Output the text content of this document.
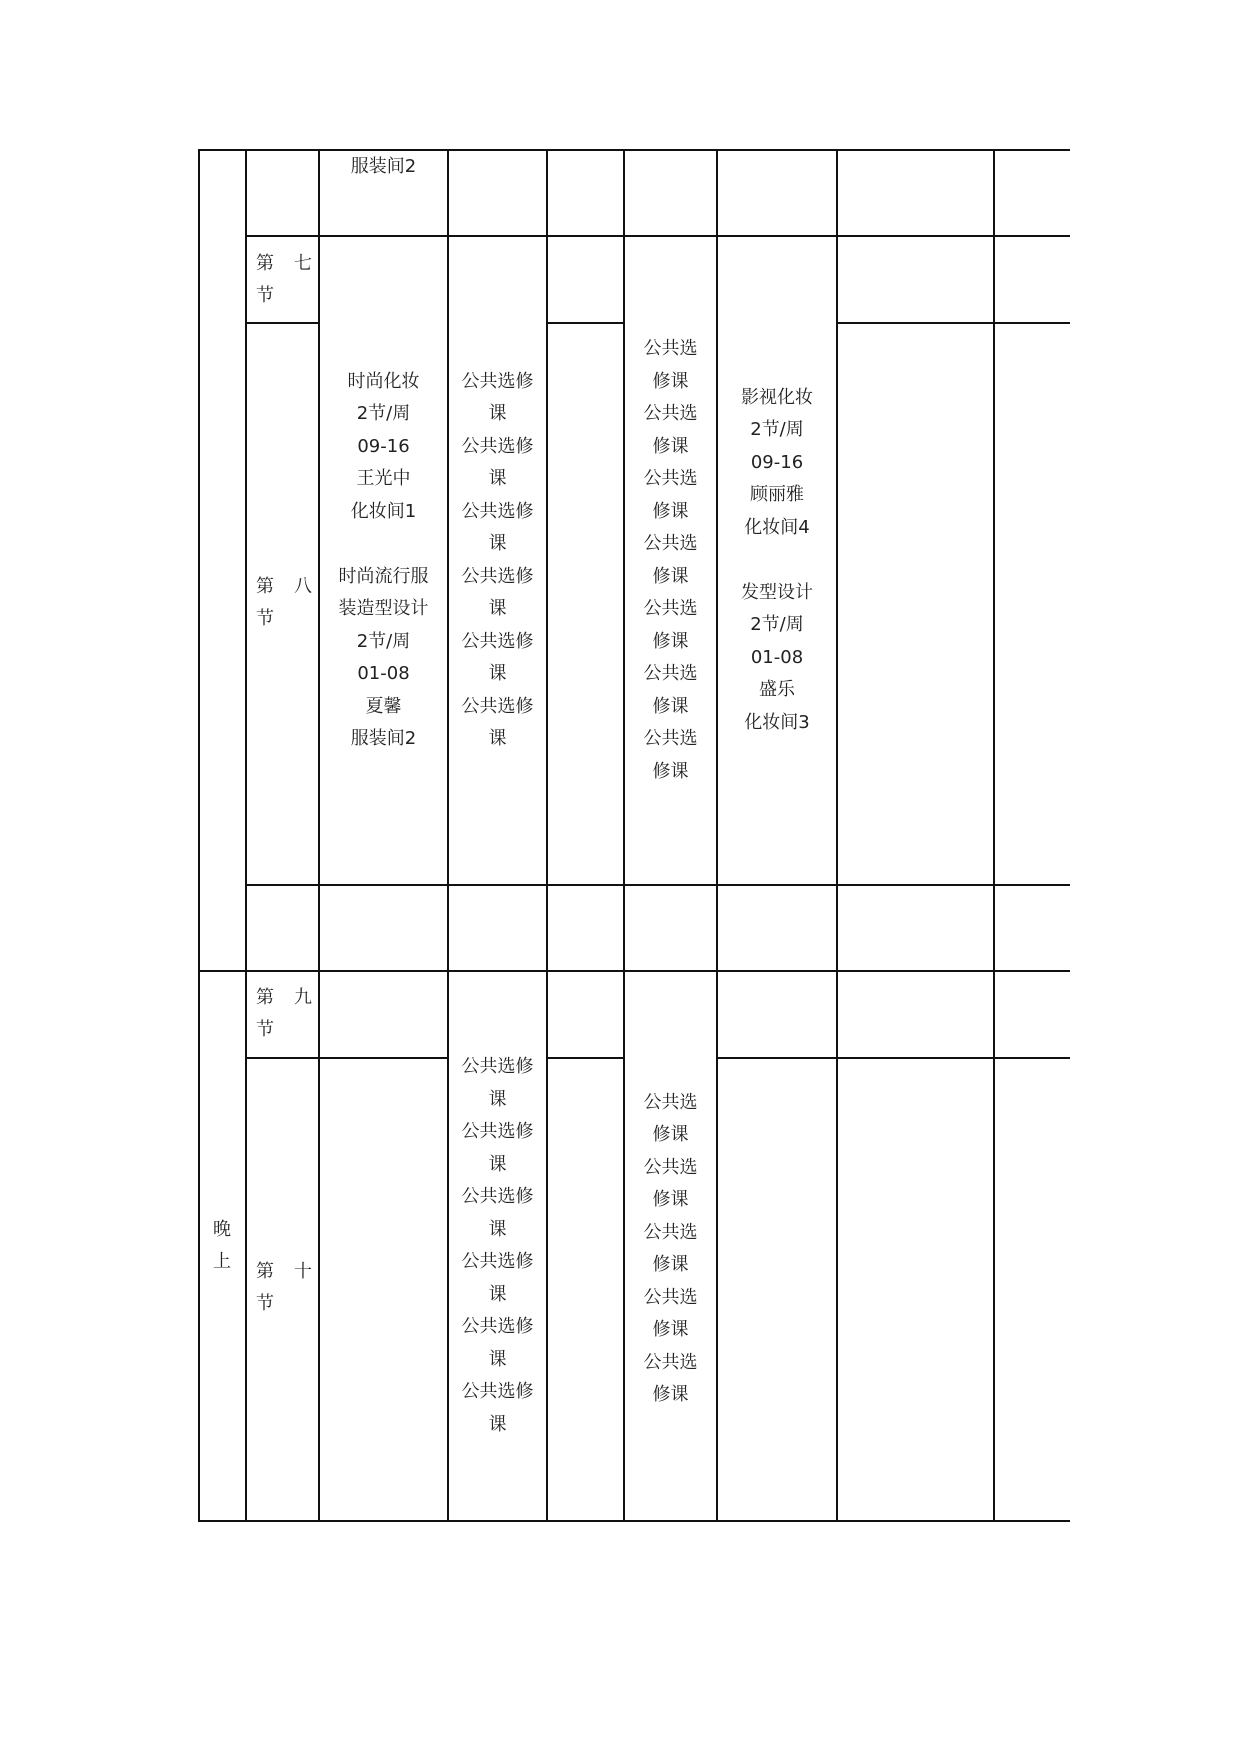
晚
上
第七
节
第八
节
第九
节
第十
节
服装间2
时尚化妆
2节/周
09-16
王光中
化妆间1
时尚流行服
装造型设计
2节/周
01-08
夏馨
服装间2
公共选修
课
公共选修
课
公共选修
课
公共选修
课
公共选修
课
公共选修
课
公共选
修课
公共选
修课
公共选
修课
公共选
修课
公共选
修课
公共选
修课
公共选
修课
影视化妆
2节/周
09-16
顾丽雅
化妆间4
发型设计
2节/周
01-08
盛乐
化妆间3
公共选修
课
公共选修
课
公共选修
课
公共选修
课
公共选修
课
公共选修
课
公共选
修课
公共选
修课
公共选
修课
公共选
修课
公共选
修课
